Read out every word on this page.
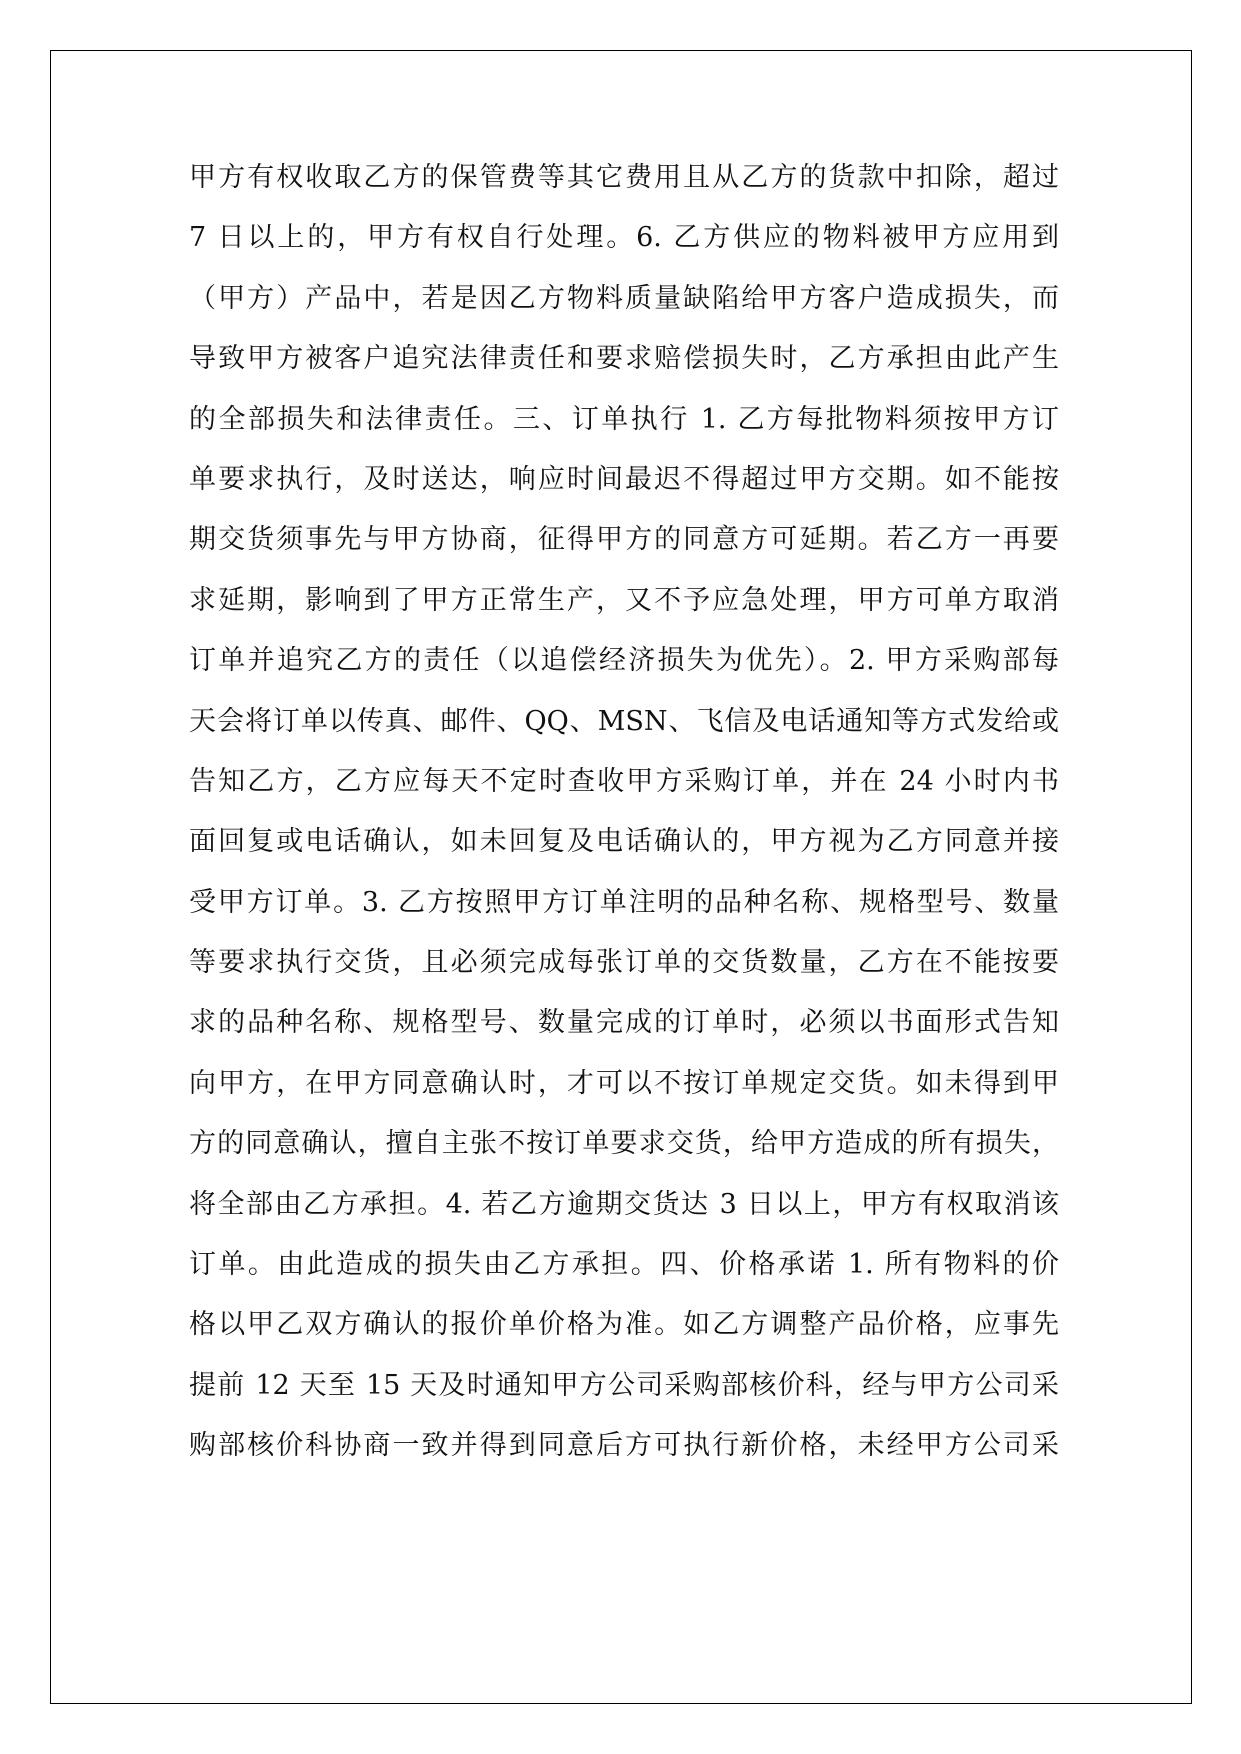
甲方有权收取乙方的保管费等其它费用且从乙方的货款中扣除，超过
7 日以上的，甲方有权自行处理。6. 乙方供应的物料被甲方应用到
（甲方）产品中，若是因乙方物料质量缺陷给甲方客户造成损失，而
导致甲方被客户追究法律责任和要求赔偿损失时，乙方承担由此产生
的全部损失和法律责任。三、订单执行 1. 乙方每批物料须按甲方订
单要求执行，及时送达，响应时间最迟不得超过甲方交期。如不能按
期交货须事先与甲方协商，征得甲方的同意方可延期。若乙方一再要
求延期，影响到了甲方正常生产，又不予应急处理，甲方可单方取消
订单并追究乙方的责任（以追偿经济损失为优先）。2. 甲方采购部每
天会将订单以传真、邮件、QQ、MSN、飞信及电话通知等方式发给或
告知乙方，乙方应每天不定时查收甲方采购订单，并在 24 小时内书
面回复或电话确认，如未回复及电话确认的，甲方视为乙方同意并接
受甲方订单。3. 乙方按照甲方订单注明的品种名称、规格型号、数量
等要求执行交货，且必须完成每张订单的交货数量，乙方在不能按要
求的品种名称、规格型号、数量完成的订单时，必须以书面形式告知
向甲方，在甲方同意确认时，才可以不按订单规定交货。如未得到甲
方的同意确认，擅自主张不按订单要求交货，给甲方造成的所有损失，
将全部由乙方承担。4. 若乙方逾期交货达 3 日以上，甲方有权取消该
订单。由此造成的损失由乙方承担。四、价格承诺 1. 所有物料的价
格以甲乙双方确认的报价单价格为准。如乙方调整产品价格，应事先
提前 12 天至 15 天及时通知甲方公司采购部核价科，经与甲方公司采
购部核价科协商一致并得到同意后方可执行新价格，未经甲方公司采
